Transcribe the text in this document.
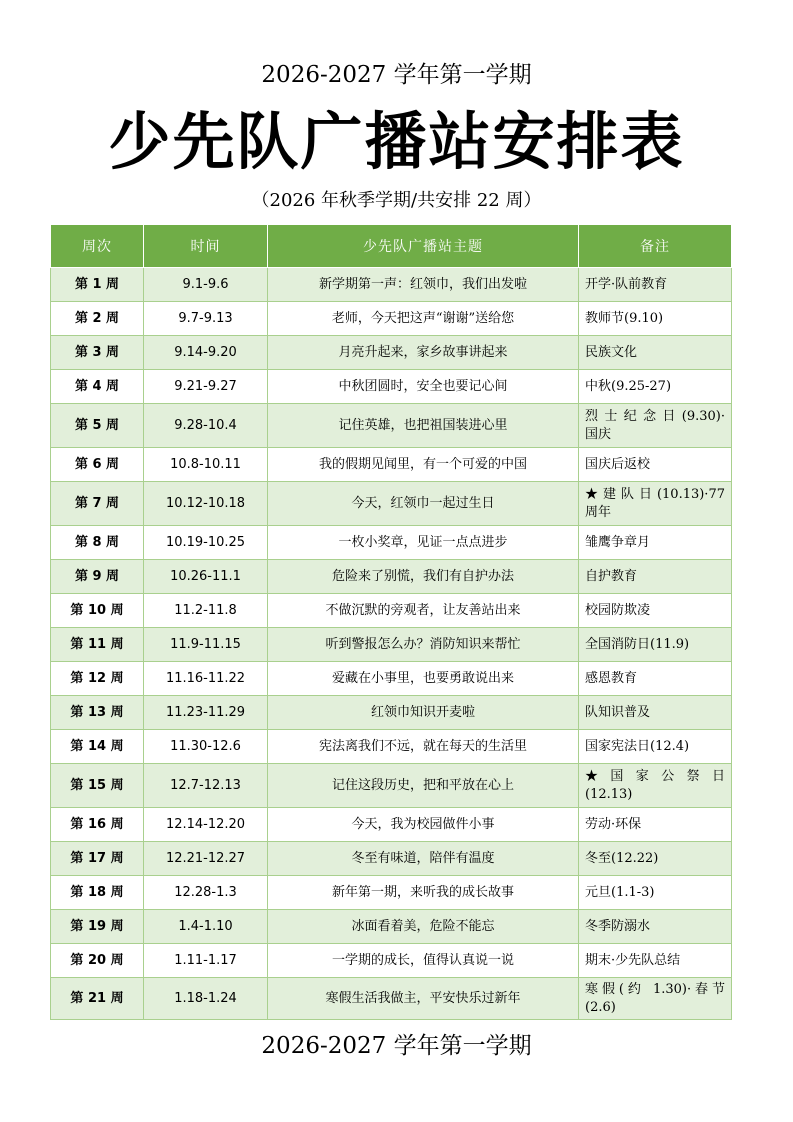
2026-2027 学年第一学期
少先队广播站安排表
（2026 年秋季学期/共安排 22 周）
周次	时间	少先队广播站主题	备注
第 1 周	9.1-9.6	新学期第一声：红领巾，我们出发啦	开学·队前教育
第 2 周	9.7-9.13	老师，今天把这声“谢谢”送给您	教师节(9.10)
第 3 周	9.14-9.20	月亮升起来，家乡故事讲起来	民族文化
第 4 周	9.21-9.27	中秋团圆时，安全也要记心间	中秋(9.25-27)
第 5 周	9.28-10.4	记住英雄，也把祖国装进心里	烈 士 纪 念 日 (9.30)·国庆
第 6 周	10.8-10.11	我的假期见闻里，有一个可爱的中国	国庆后返校
第 7 周	10.12-10.18	今天，红领巾一起过生日	★ 建 队 日 (10.13)·77周年
第 8 周	10.19-10.25	一枚小奖章，见证一点点进步	雏鹰争章月
第 9 周	10.26-11.1	危险来了别慌，我们有自护办法	自护教育
第 10 周	11.2-11.8	不做沉默的旁观者，让友善站出来	校园防欺凌
第 11 周	11.9-11.15	听到警报怎么办？消防知识来帮忙	全国消防日(11.9)
第 12 周	11.16-11.22	爱藏在小事里，也要勇敢说出来	感恩教育
第 13 周	11.23-11.29	红领巾知识开麦啦	队知识普及
第 14 周	11.30-12.6	宪法离我们不远，就在每天的生活里	国家宪法日(12.4)
第 15 周	12.7-12.13	记住这段历史，把和平放在心上	★ 国 家 公 祭 日 (12.13)
第 16 周	12.14-12.20	今天，我为校园做件小事	劳动·环保
第 17 周	12.21-12.27	冬至有味道，陪伴有温度	冬至(12.22)
第 18 周	12.28-1.3	新年第一期，来听我的成长故事	元旦(1.1-3)
第 19 周	1.4-1.10	冰面看着美，危险不能忘	冬季防溺水
第 20 周	1.11-1.17	一学期的成长，值得认真说一说	期末·少先队总结
第 21 周	1.18-1.24	寒假生活我做主，平安快乐过新年	寒假(约 1.30)·春节(2.6)
2026-2027 学年第一学期
